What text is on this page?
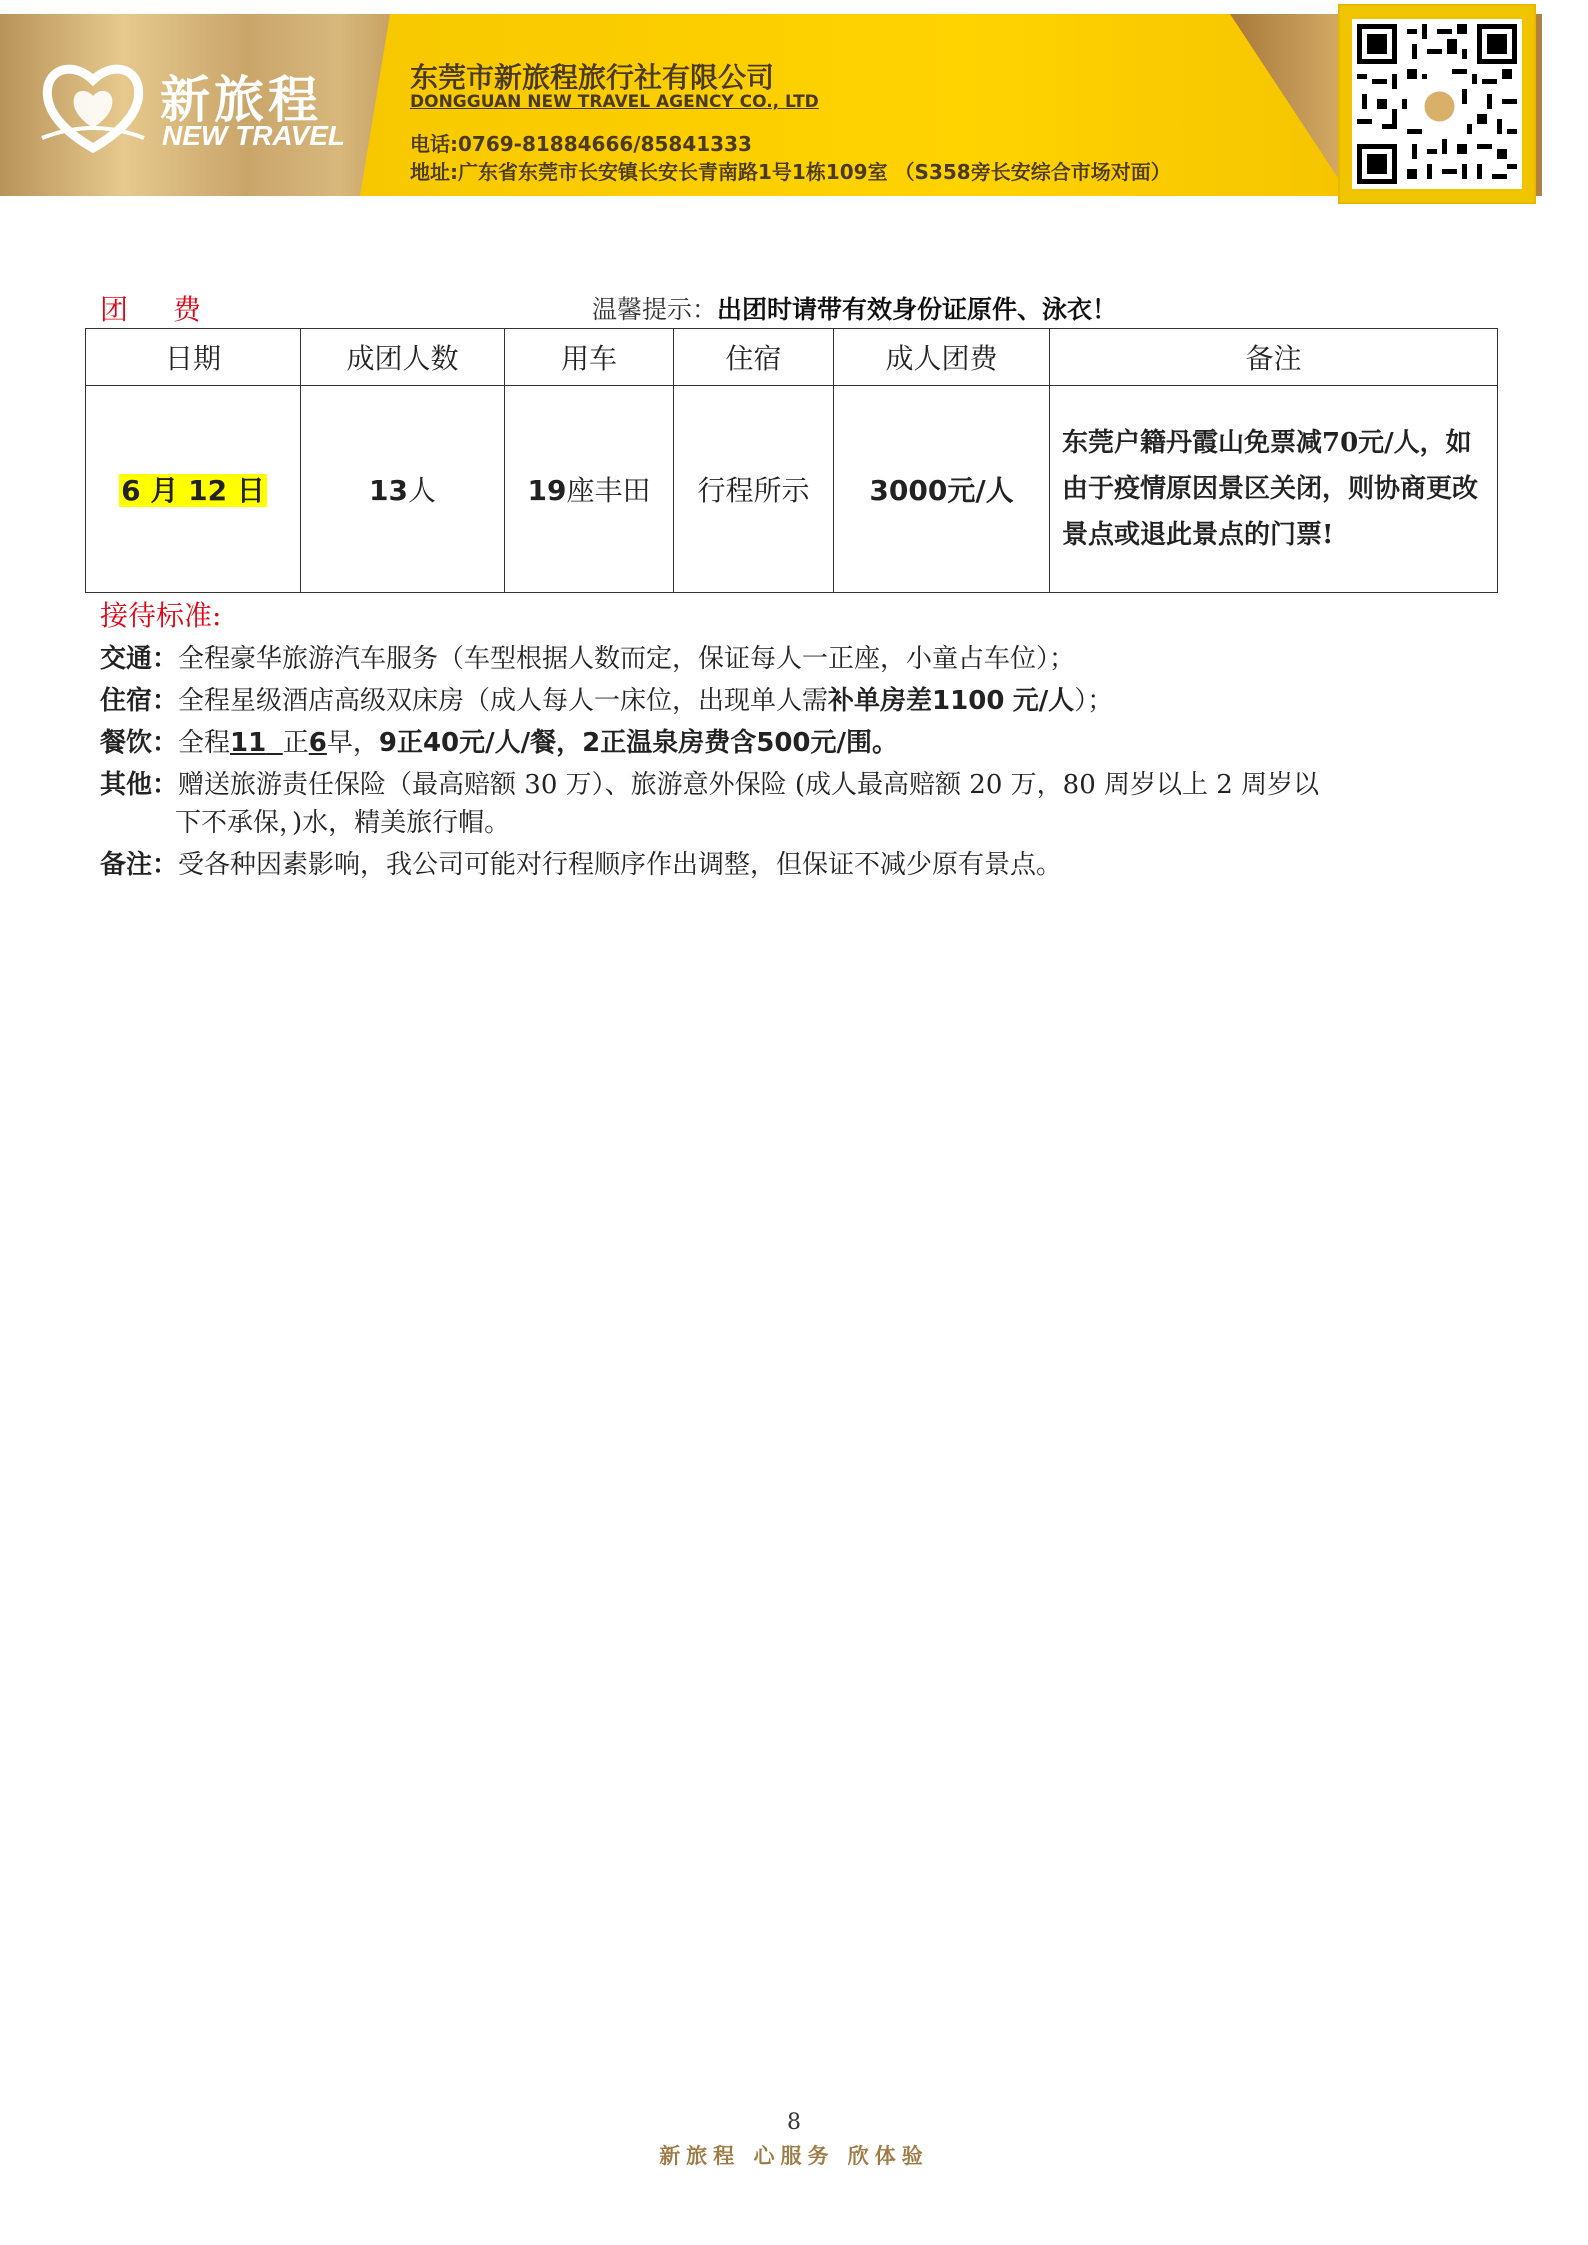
新旅程
NEW TRAVEL
东莞市新旅程旅行社有限公司
DONGGUAN NEW TRAVEL AGENCY CO., LTD
电话:0769-81884666/85841333
地址:广东省东莞市长安镇长安长青南路1号1栋109室 （S358旁长安综合市场对面）
团 费	温馨提示：出团时请带有效身份证原件、泳衣！
日期	成团人数	用车	住宿	成人团费	备注
6 月 12 日	13人	19座丰田	行程所示	3000元/人	东莞户籍丹霞山免票减70元/人，如由于疫情原因景区关闭，则协商更改景点或退此景点的门票!
接待标准:
交通：全程豪华旅游汽车服务（车型根据人数而定，保证每人一正座，小童占车位）；
住宿：全程星级酒店高级双床房（成人每人一床位，出现单人需补单房差1100 元/人）；
餐饮：全程11 正6早，9正40元/人/餐，2正温泉房费含500元/围。
其他：赠送旅游责任保险（最高赔额 30 万）、旅游意外保险 (成人最高赔额 20 万，80 周岁以上 2 周岁以
下不承保，)水，精美旅行帽。
备注：受各种因素影响，我公司可能对行程顺序作出调整，但保证不减少原有景点。
8
新旅程 心服务 欣体验
